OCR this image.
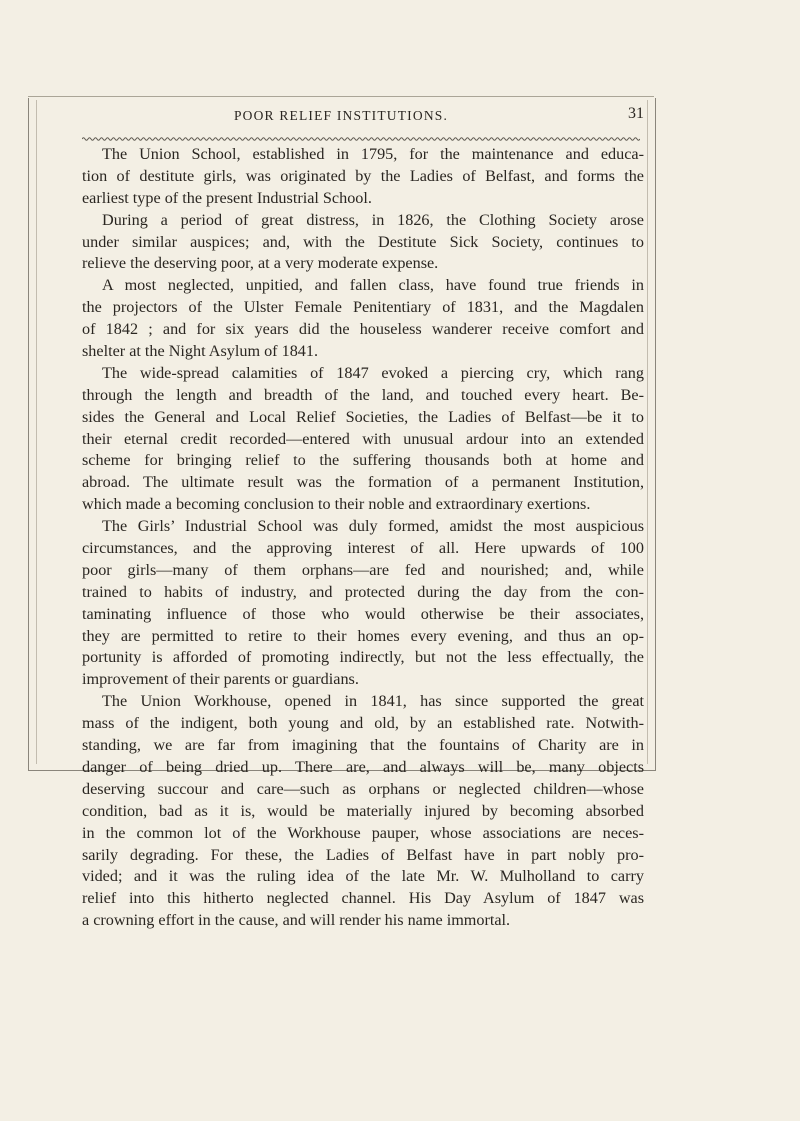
POOR RELIEF INSTITUTIONS.	31
The Union School, established in 1795, for the maintenance and educa-
tion of destitute girls, was originated by the Ladies of Belfast, and forms the
earliest type of the present Industrial School.
During a period of great distress, in 1826, the Clothing Society arose
under similar auspices; and, with the Destitute Sick Society, continues to
relieve the deserving poor, at a very moderate expense.
A most neglected, unpitied, and fallen class, have found true friends in
the projectors of the Ulster Female Penitentiary of 1831, and the Magdalen
of 1842 ; and for six years did the houseless wanderer receive comfort and
shelter at the Night Asylum of 1841.
The wide-spread calamities of 1847 evoked a piercing cry, which rang
through the length and breadth of the land, and touched every heart. Be-
sides the General and Local Relief Societies, the Ladies of Belfast—be it to
their eternal credit recorded—entered with unusual ardour into an extended
scheme for bringing relief to the suffering thousands both at home and
abroad. The ultimate result was the formation of a permanent Institution,
which made a becoming conclusion to their noble and extraordinary exertions.
The Girls’ Industrial School was duly formed, amidst the most auspicious
circumstances, and the approving interest of all. Here upwards of 100
poor girls—many of them orphans—are fed and nourished; and, while
trained to habits of industry, and protected during the day from the con-
taminating influence of those who would otherwise be their associates,
they are permitted to retire to their homes every evening, and thus an op-
portunity is afforded of promoting indirectly, but not the less effectually, the
improvement of their parents or guardians.
The Union Workhouse, opened in 1841, has since supported the great
mass of the indigent, both young and old, by an established rate. Notwith-
standing, we are far from imagining that the fountains of Charity are in
danger of being dried up. There are, and always will be, many objects
deserving succour and care—such as orphans or neglected children—whose
condition, bad as it is, would be materially injured by becoming absorbed
in the common lot of the Workhouse pauper, whose associations are neces-
sarily degrading. For these, the Ladies of Belfast have in part nobly pro-
vided; and it was the ruling idea of the late Mr. W. Mulholland to carry
relief into this hitherto neglected channel. His Day Asylum of 1847 was
a crowning effort in the cause, and will render his name immortal.
